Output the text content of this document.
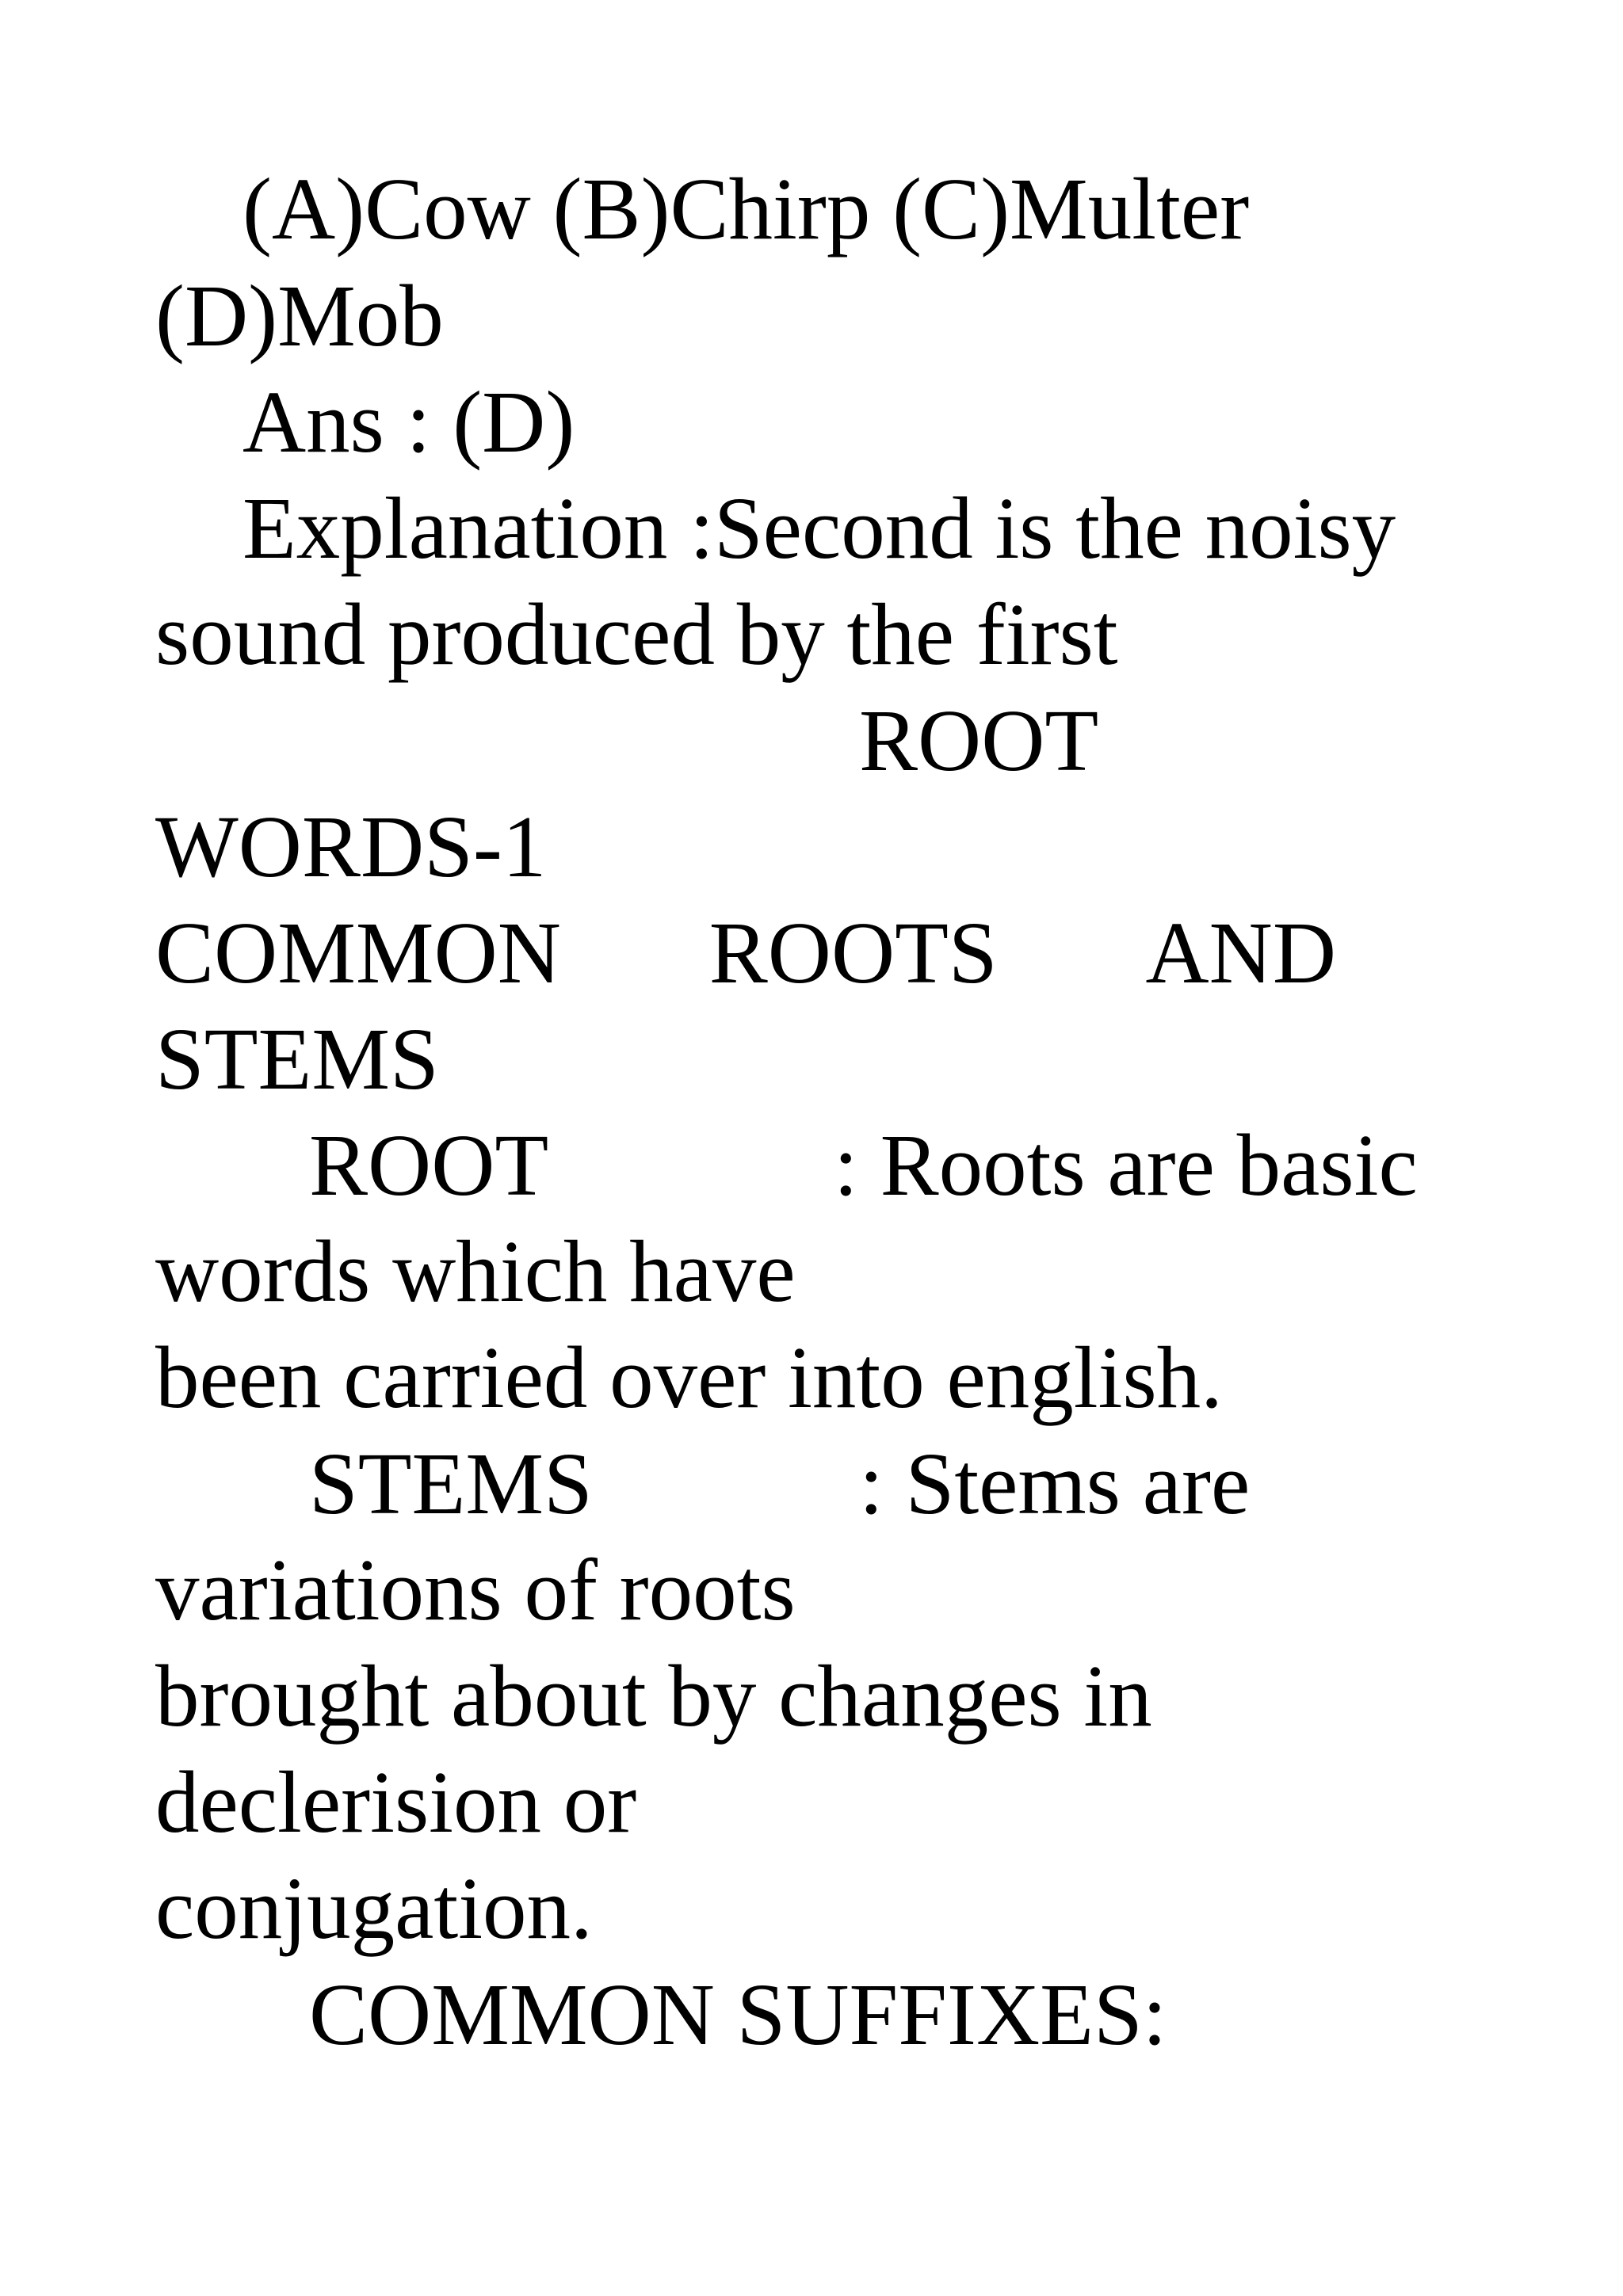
(A)Cow (B)Chirp (C)Multer

(D)Mob

Ans : (D)

Explanation :Second is the noisy

sound produced by the first

ROOT

WORDS-1

COMMON ROOTS AND

STEMS

ROOT	: Roots are basic

words which have

been carried over into english.

STEMS	: Stems are

variations of roots

brought about by changes in

declerision or

conjugation.

COMMON SUFFIXES:
